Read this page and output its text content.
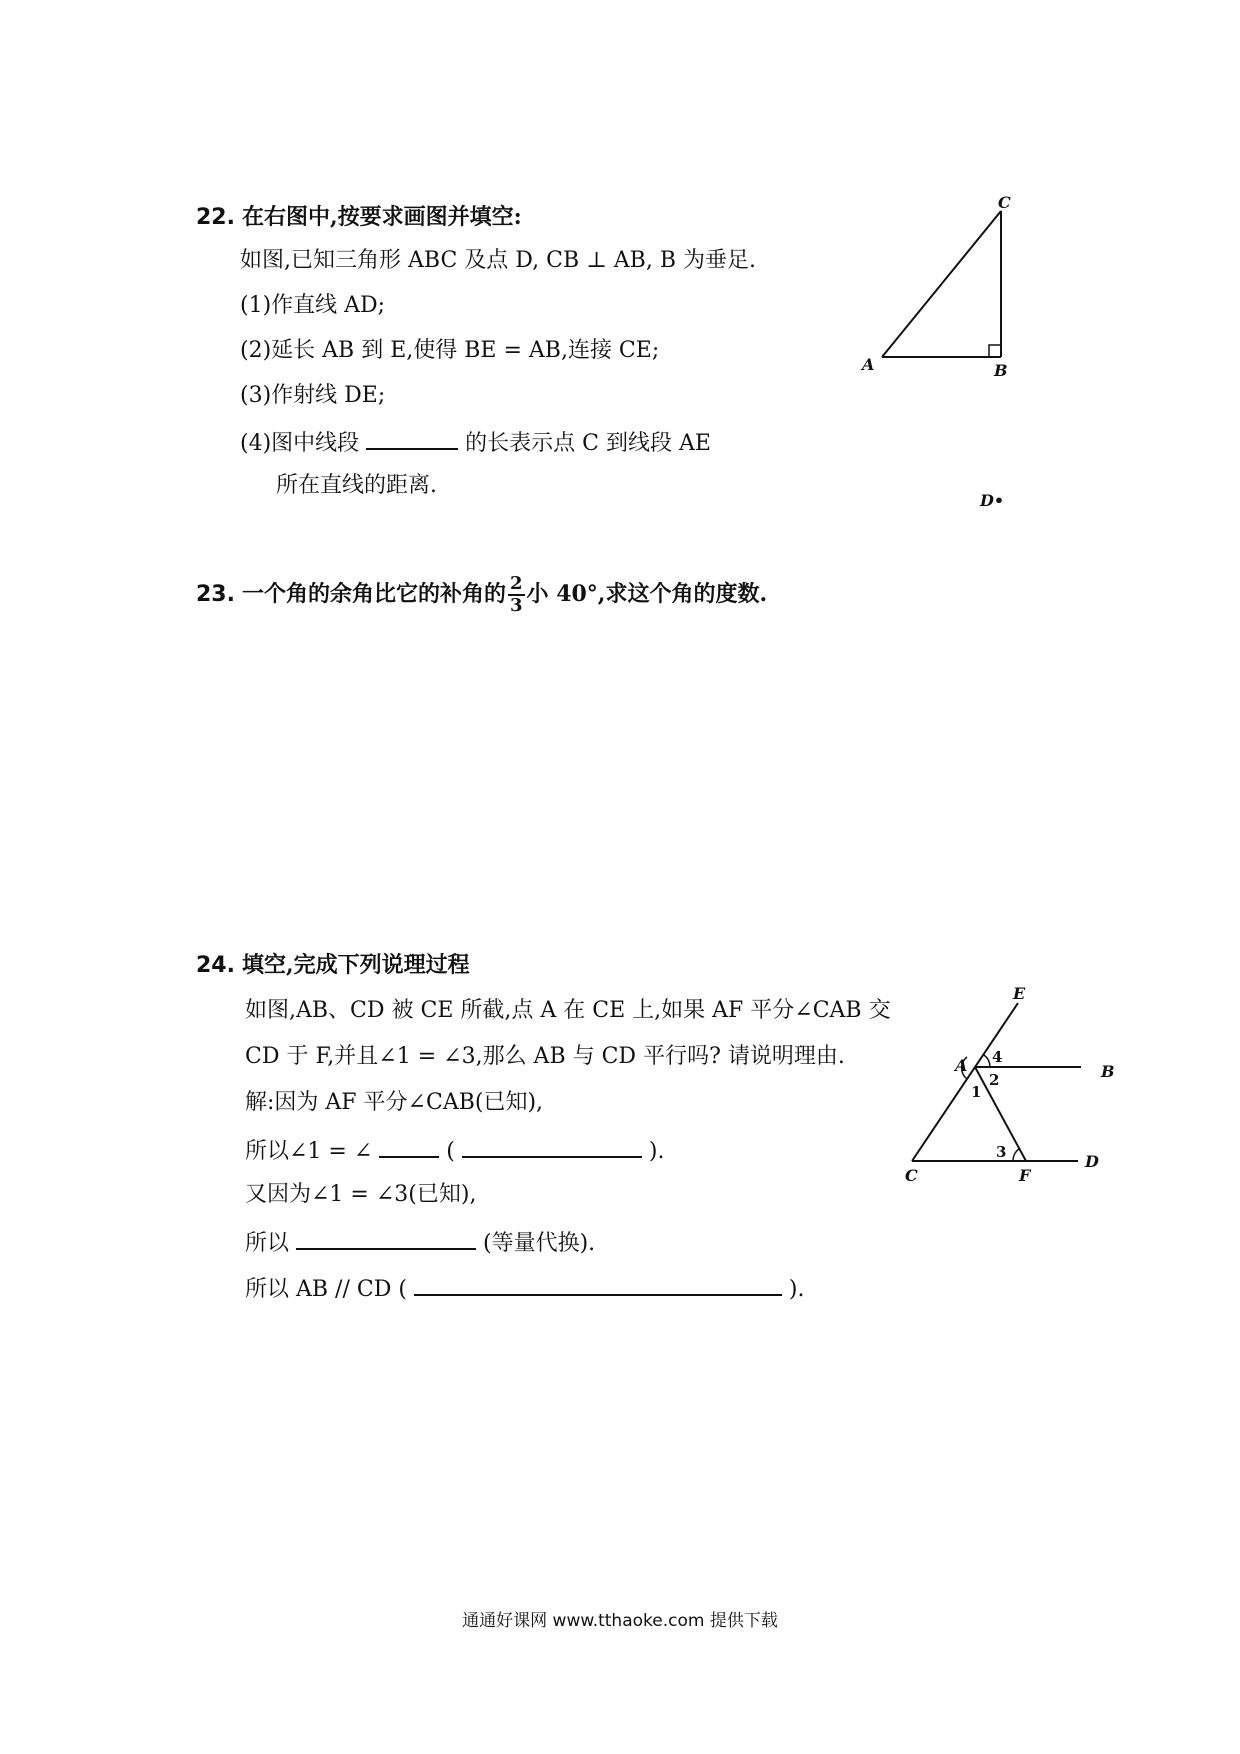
22. 在右图中,按要求画图并填空:
如图,已知三角形 ABC 及点 D, CB ⊥ AB, B 为垂足.
(1)作直线 AD;
(2)延长 AB 到 E,使得 BE = AB,连接 CE;
(3)作射线 DE;
(4)图中线段	的长表示点 C 到线段 AE
所在直线的距离.
A	B
C
D•
23. 一个角的余角比它的补角的 $\frac{2}{3}$ 小 40°,求这个角的度数.
24. 填空,完成下列说理过程
如图,AB、CD 被 CE 所截,点 A 在 CE 上,如果 AF 平分∠CAB 交
CD 于 F,并且∠1 = ∠3,那么 AB 与 CD 平行吗? 请说明理由.
解:因为 AF 平分∠CAB(已知),
所以∠1 = ∠	(	).
又因为∠1 = ∠3(已知),
所以	(等量代换).
所以 AB // CD (	).
E
A	B
C	F
D
1
2
3
4
通通好课网 www.tthaoke.com 提供下载
